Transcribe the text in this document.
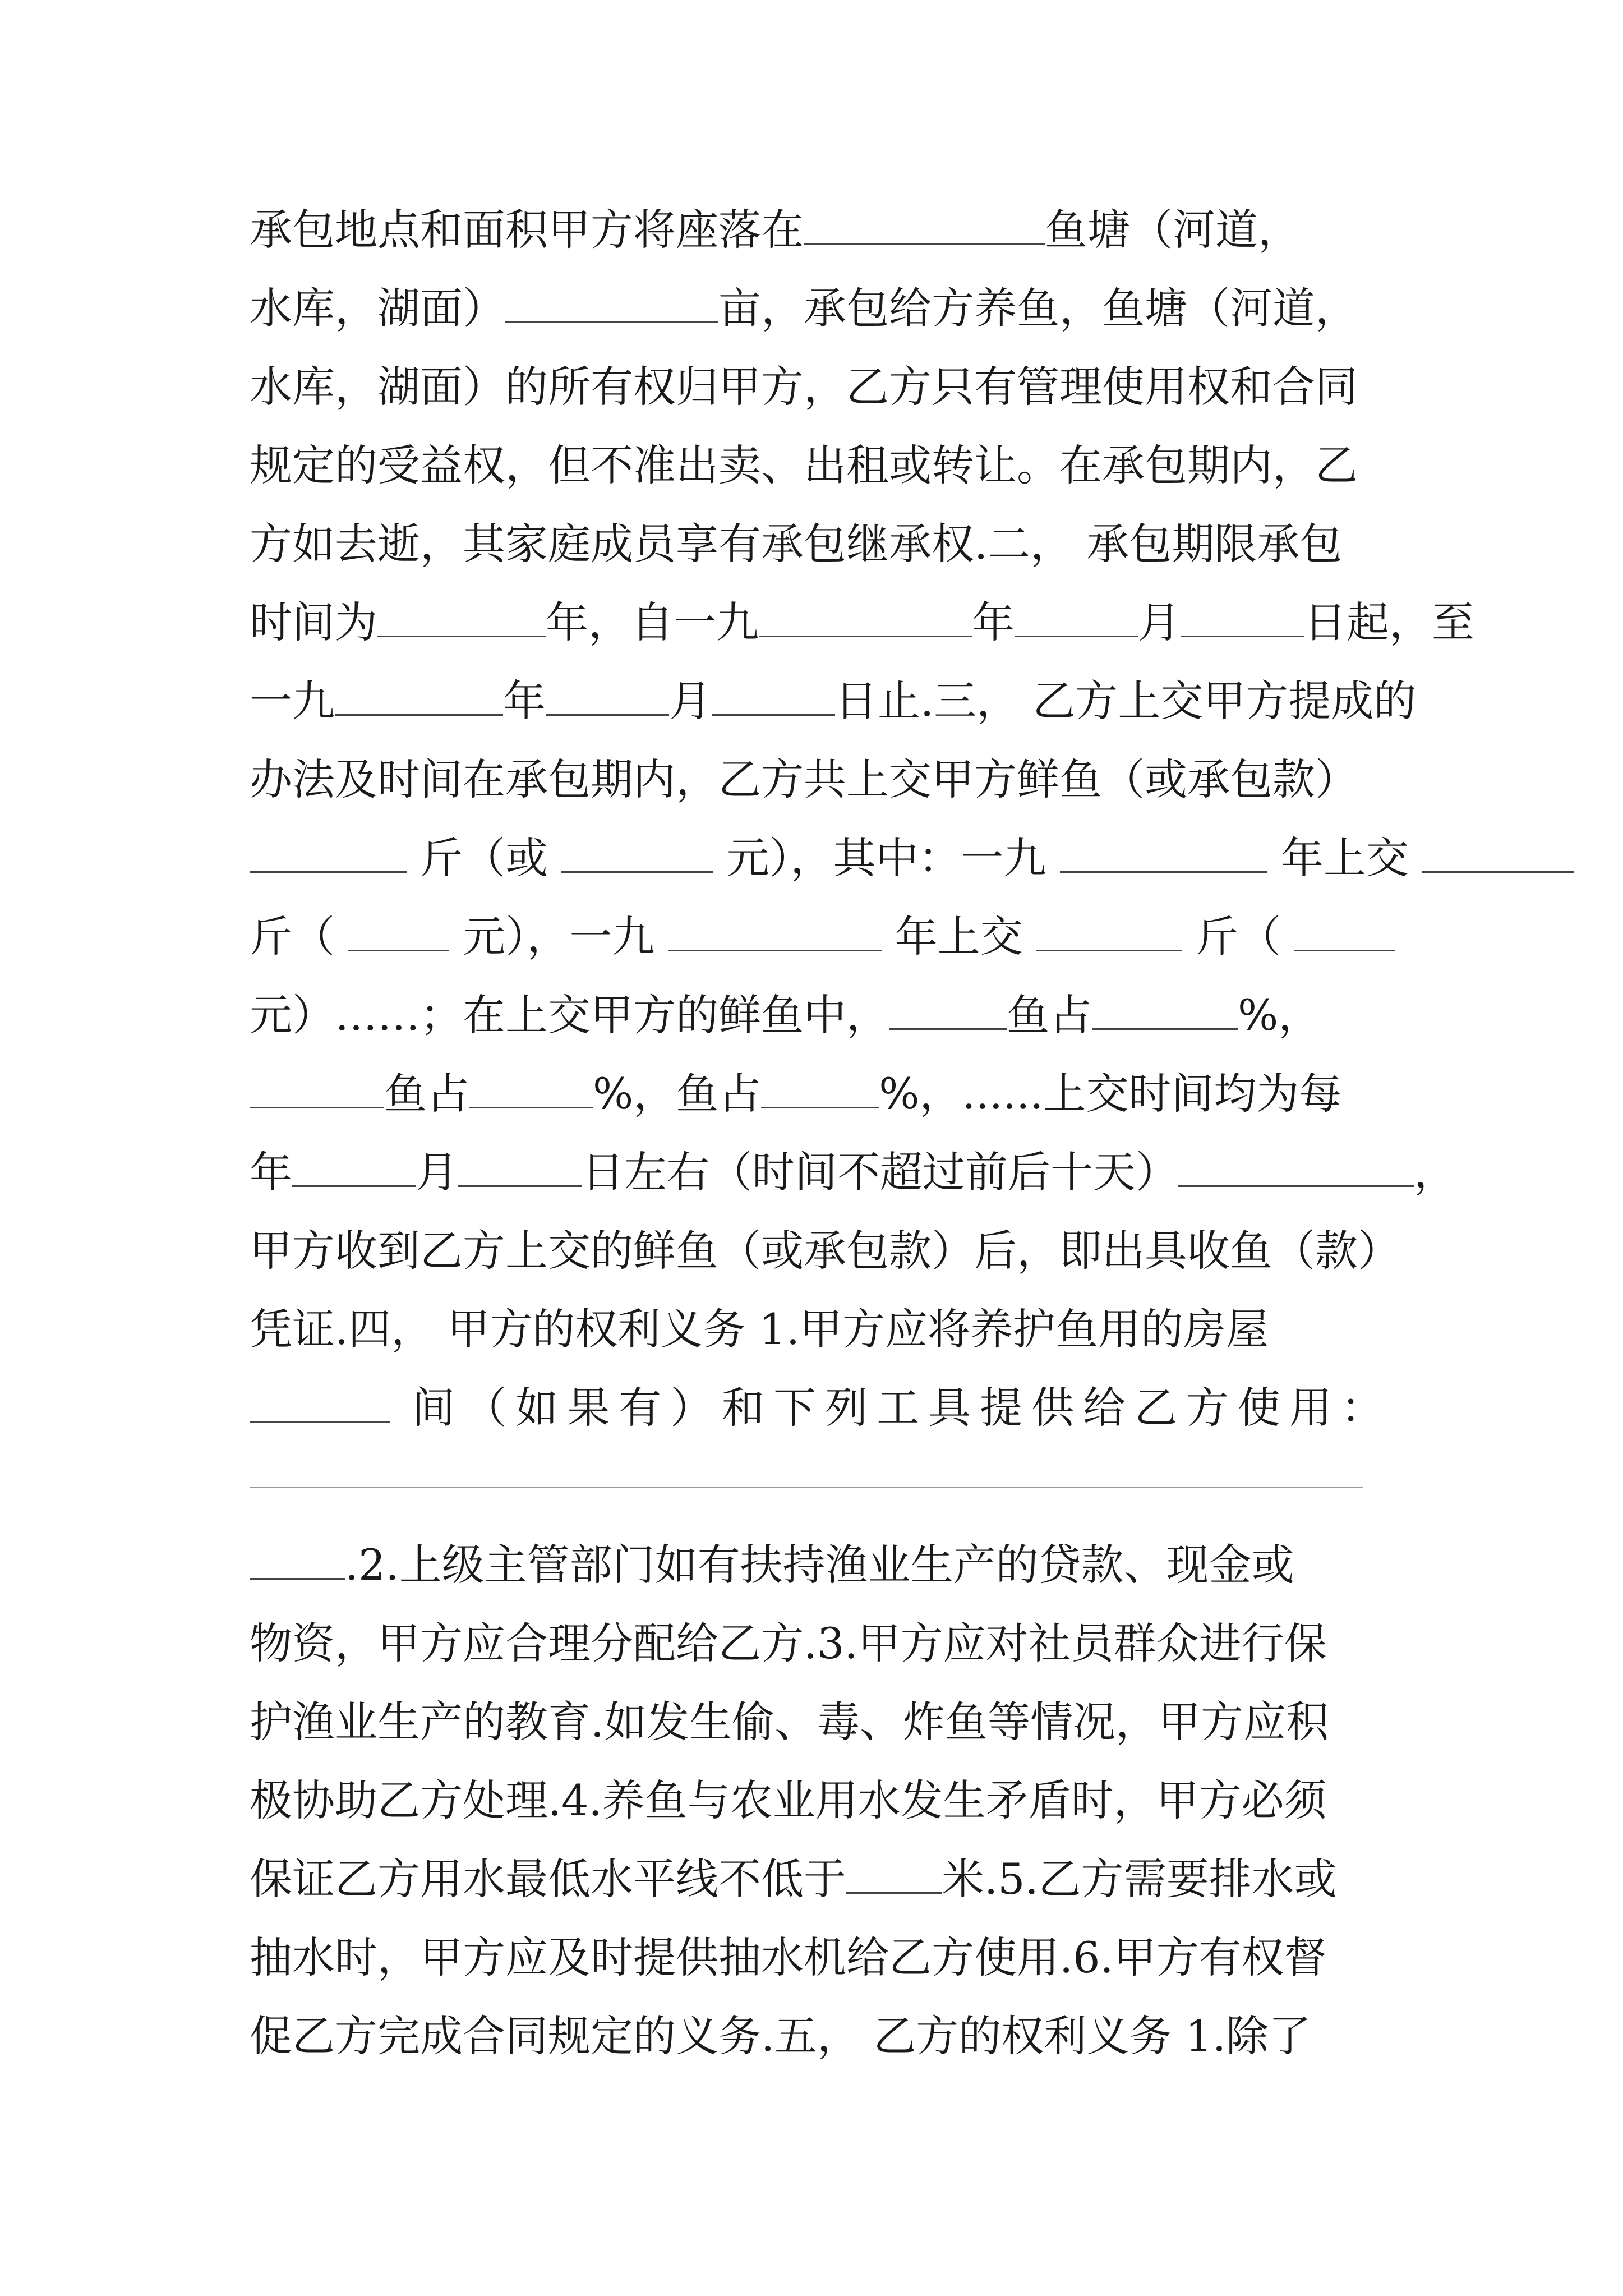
承包地点和面积甲方将座落在	鱼塘（河道，
水库，湖面）	亩，承包给方养鱼，鱼塘（河道，
水库，湖面）的所有权归甲方，乙方只有管理使用权和合同
规定的受益权，但不准出卖、出租或转让。在承包期内，乙
方如去逝，其家庭成员享有承包继承权.二， 承包期限承包
时间为	年，自一九	年	月	日起，至
一九	年	月	日止.三， 乙方上交甲方提成的
办法及时间在承包期内，乙方共上交甲方鲜鱼（或承包款）
斤（或	元），其中：一九	年上交
斤（	元），一九	年上交	斤（
元）……；在上交甲方的鲜鱼中，	鱼占	%，
鱼占	%，鱼占	%，......上交时间均为每
年	月	日左右（时间不超过前后十天）	，
甲方收到乙方上交的鲜鱼（或承包款）后，即出具收鱼（款）
凭证.四， 甲方的权利义务 1.甲方应将养护鱼用的房屋
间（如果有）和下列工具提供给乙方使用：
.2.上级主管部门如有扶持渔业生产的贷款、现金或
物资，甲方应合理分配给乙方.3.甲方应对社员群众进行保
护渔业生产的教育.如发生偷、毒、炸鱼等情况，甲方应积
极协助乙方处理.4.养鱼与农业用水发生矛盾时，甲方必须
保证乙方用水最低水平线不低于 米.5.乙方需要排水或
抽水时，甲方应及时提供抽水机给乙方使用.6.甲方有权督
促乙方完成合同规定的义务.五， 乙方的权利义务 1.除了
